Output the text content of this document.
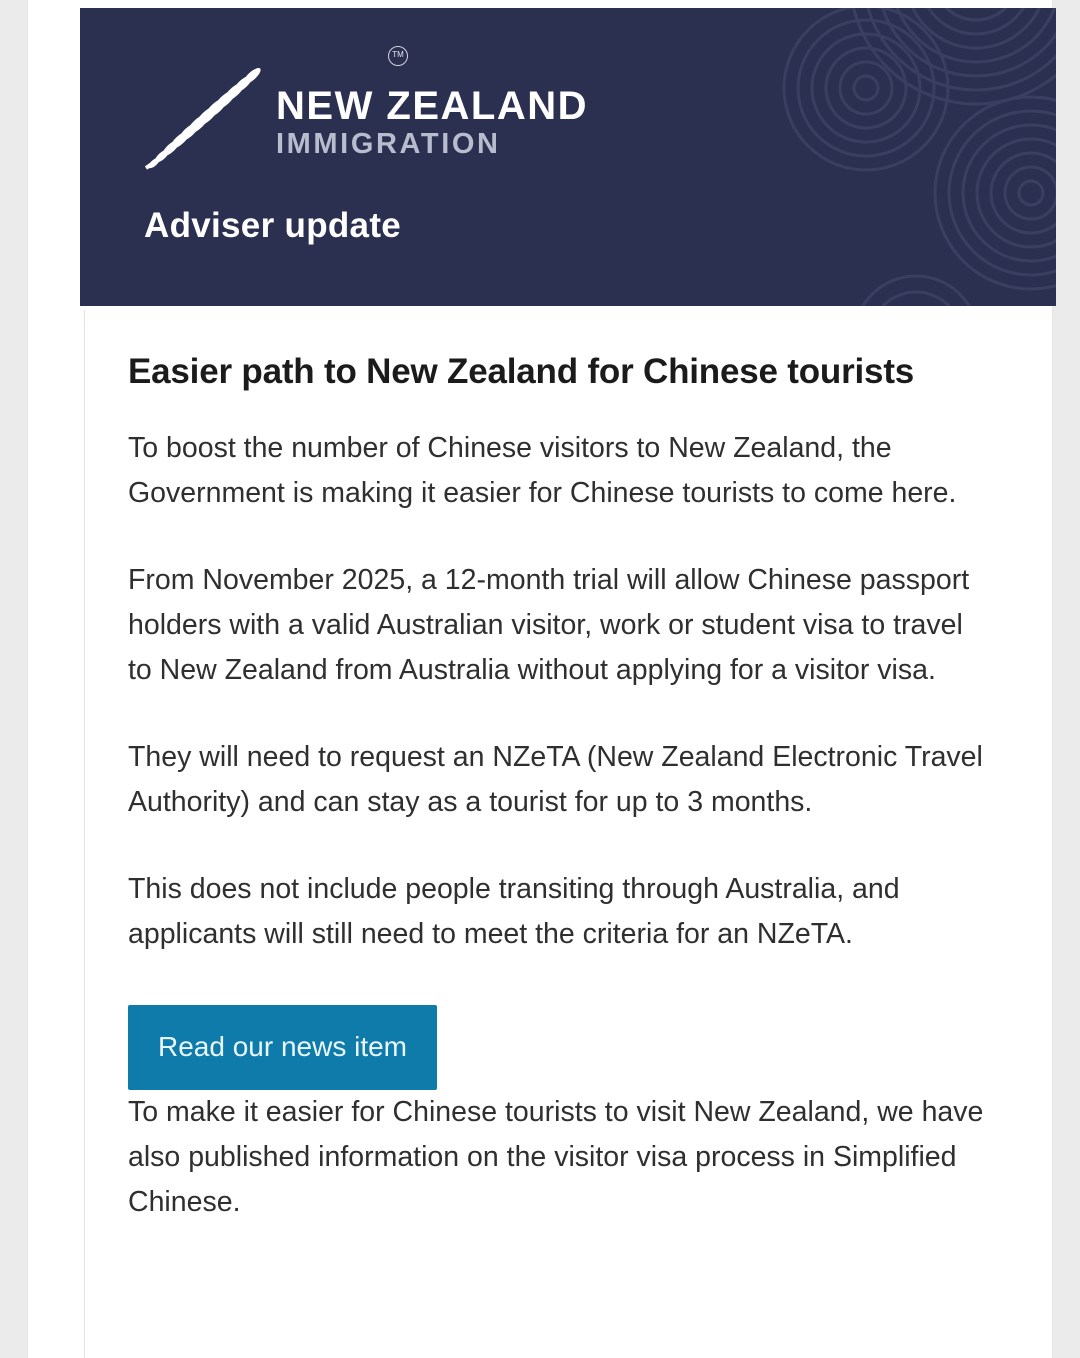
TM
NEW ZEALAND
IMMIGRATION
Adviser update
Easier path to New Zealand for Chinese tourists

To boost the number of Chinese visitors to New Zealand, the Government is making it easier for Chinese tourists to come here.

From November 2025, a 12-month trial will allow Chinese passport holders with a valid Australian visitor, work or student visa to travel to New Zealand from Australia without applying for a visitor visa.

They will need to request an NZeTA (New Zealand Electronic Travel Authority) and can stay as a tourist for up to 3 months.

This does not include people transiting through Australia, and applicants will still need to meet the criteria for an NZeTA.

Read our news item

To make it easier for Chinese tourists to visit New Zealand, we have also published information on the visitor visa process in Simplified Chinese.
